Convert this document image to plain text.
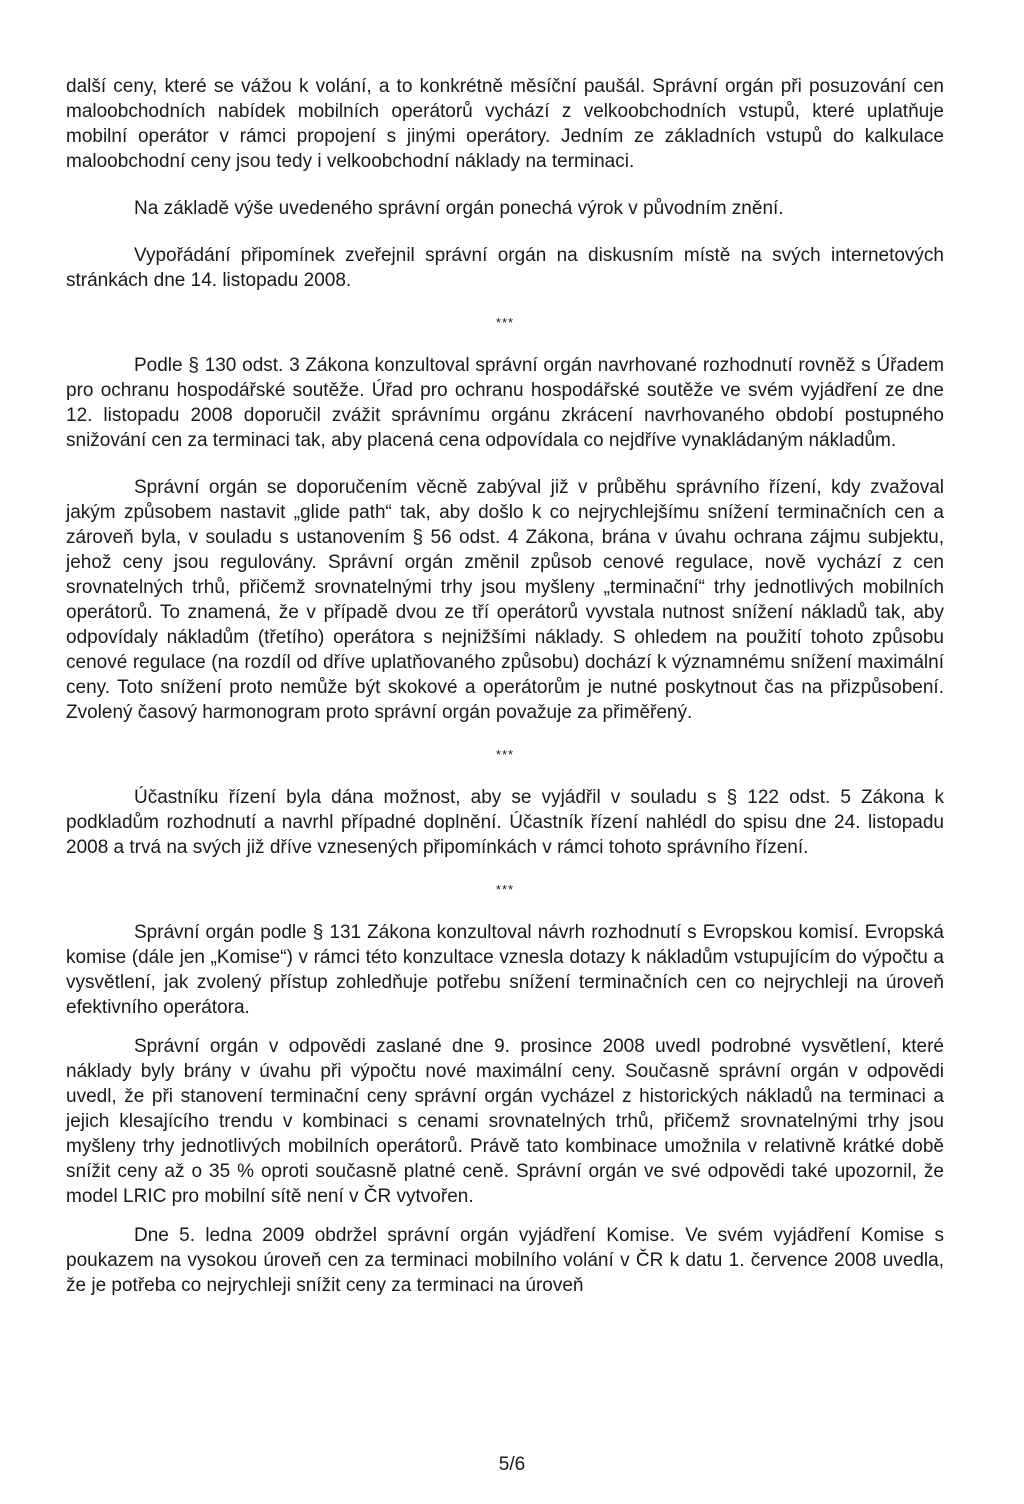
další ceny, které se vážou k volání, a to konkrétně měsíční paušál. Správní orgán při posuzování cen maloobchodních nabídek mobilních operátorů vychází z velkoobchodních vstupů, které uplatňuje mobilní operátor v rámci propojení s jinými operátory. Jedním ze základních vstupů do kalkulace maloobchodní ceny jsou tedy i velkoobchodní náklady na terminaci.

Na základě výše uvedeného správní orgán ponechá výrok v původním znění.

Vypořádání připomínek zveřejnil správní orgán na diskusním místě na svých internetových stránkách dne 14. listopadu 2008.

***

Podle § 130 odst. 3 Zákona konzultoval správní orgán navrhované rozhodnutí rovněž s Úřadem pro ochranu hospodářské soutěže. Úřad pro ochranu hospodářské soutěže ve svém vyjádření ze dne 12. listopadu 2008 doporučil zvážit správnímu orgánu zkrácení navrhovaného období postupného snižování cen za terminaci tak, aby placená cena odpovídala co nejdříve vynakládaným nákladům.

Správní orgán se doporučením věcně zabýval již v průběhu správního řízení, kdy zvažoval jakým způsobem nastavit „glide path“ tak, aby došlo k co nejrychlejšímu snížení terminačních cen a zároveň byla, v souladu s ustanovením § 56 odst. 4 Zákona, brána v úvahu ochrana zájmu subjektu, jehož ceny jsou regulovány. Správní orgán změnil způsob cenové regulace, nově vychází z cen srovnatelných trhů, přičemž srovnatelnými trhy jsou myšleny „terminační“ trhy jednotlivých mobilních operátorů. To znamená, že v případě dvou ze tří operátorů vyvstala nutnost snížení nákladů tak, aby odpovídaly nákladům (třetího) operátora s nejnižšími náklady. S ohledem na použití tohoto způsobu cenové regulace (na rozdíl od dříve uplatňovaného způsobu) dochází k významnému snížení maximální ceny. Toto snížení proto nemůže být skokové a operátorům je nutné poskytnout čas na přizpůsobení. Zvolený časový harmonogram proto správní orgán považuje za přiměřený.

***

Účastníku řízení byla dána možnost, aby se vyjádřil v souladu s § 122 odst. 5 Zákona k podkladům rozhodnutí a navrhl případné doplnění. Účastník řízení nahlédl do spisu dne 24. listopadu 2008 a trvá na svých již dříve vznesených připomínkách v rámci tohoto správního řízení.

***

Správní orgán podle § 131 Zákona konzultoval návrh rozhodnutí s Evropskou komisí. Evropská komise (dále jen „Komise“) v rámci této konzultace vznesla dotazy k nákladům vstupujícím do výpočtu a vysvětlení, jak zvolený přístup zohledňuje potřebu snížení terminačních cen co nejrychleji na úroveň efektivního operátora.

Správní orgán v odpovědi zaslané dne 9. prosince 2008 uvedl podrobné vysvětlení, které náklady byly brány v úvahu při výpočtu nové maximální ceny. Současně správní orgán v odpovědi uvedl, že při stanovení terminační ceny správní orgán vycházel z historických nákladů na terminaci a jejich klesajícího trendu v kombinaci s cenami srovnatelných trhů, přičemž srovnatelnými trhy jsou myšleny trhy jednotlivých mobilních operátorů. Právě tato kombinace umožnila v relativně krátké době snížit ceny až o 35 % oproti současně platné ceně. Správní orgán ve své odpovědi také upozornil, že model LRIC pro mobilní sítě není v ČR vytvořen.

Dne 5. ledna 2009 obdržel správní orgán vyjádření Komise. Ve svém vyjádření Komise s poukazem na vysokou úroveň cen za terminaci mobilního volání v ČR k datu 1. července 2008 uvedla, že je potřeba co nejrychleji snížit ceny za terminaci na úroveň

5/6
